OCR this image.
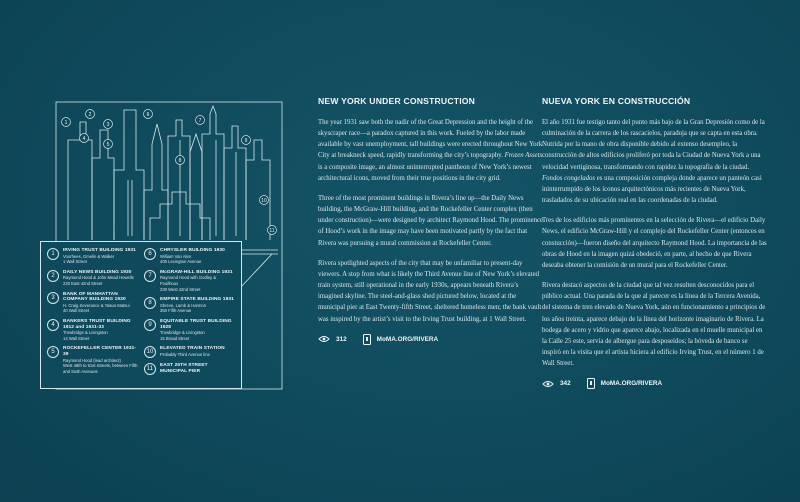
1
2
3
4
5
6
7
8
9
10
11
1
IRVING TRUST BUILDING 1931
Voorhees, Gmelin & Walker
1 Wall Street
2
DAILY NEWS BUILDING 1930
Raymond Hood & John Mead Howells
220 East 42nd Street
3
BANK OF MANHATTAN COMPANY BUILDING 1930
H. Craig Severance & Yasuo Matsui
40 Wall Street
4
BANKERS TRUST BUILDING 1912 and 1931-33
Trowbridge & Livingston
14 Wall Street
5
ROCKEFELLER CENTER 1931-39
Raymond Hood (lead architect)
West 48th to 51st Streets, between Fifth and Sixth Avenues
6
CHRYSLER BUILDING 1930
William Van Alen
405 Lexington Avenue
7
McGRAW-HILL BUILDING 1931
Raymond Hood with Godley & Fouilhoux
330 West 42nd Street
8
EMPIRE STATE BUILDING 1931
Shreve, Lamb & Harmon
350 Fifth Avenue
9
EQUITABLE TRUST BUILDING 1928
Trowbridge & Livingston
15 Broad Street
10
ELEVATED TRAIN STATION
Probably Third Avenue line
11
EAST 25TH STREET MUNICIPAL PIER
NEW YORK UNDER CONSTRUCTION

The year 1931 saw both the nadir of the Great Depression and the height of the skyscraper race—a paradox captured in this work. Fueled by the labor made available by vast unemployment, tall buildings were erected throughout New York City at breakneck speed, rapidly transforming the city’s topography. Frozen Assets is a composite image, an almost uninterrupted pantheon of New York’s newest architectural icons, moved from their true positions in the city grid.

Three of the most prominent buildings in Rivera’s line up—the Daily News building, the McGraw-Hill building, and the Rockefeller Center complex (then under construction)—were designed by architect Raymond Hood. The prominence of Hood’s work in the image may have been motivated partly by the fact that Rivera was pursuing a mural commission at Rockefeller Center.

Rivera spotlighted aspects of the city that may be unfamiliar to present-day viewers. A stop from what is likely the Third Avenue line of New York’s elevated train system, still operational in the early 1930s, appears beneath Rivera’s imagined skyline. The steel-and-glass shed pictured below, located at the municipal pier at East Twenty-fifth Street, sheltered homeless men; the bank vault was inspired by the artist’s visit to the Irving Trust building, at 1 Wall Street.

312	MoMA.ORG/RIVERA
NUEVA YORK EN CONSTRUCCIÓN

El año 1931 fue testigo tanto del punto más bajo de la Gran Depresión como de la culminación de la carrera de los rascacielos, paradoja que se capta en esta obra. Nutrida por la mano de obra disponible debido al extenso desempleo, la construcción de altos edificios proliferó por toda la Ciudad de Nueva York a una velocidad vertiginosa, transformando con rapidez la topografía de la ciudad. Fondos congelados es una composición compleja donde aparece un panteón casi ininterrumpido de los íconos arquitectónicos más recientes de Nueva York, trasladados de su ubicación real en las coordenadas de la ciudad.

Tres de los edificios más prominentes en la selección de Rivera—el edificio Daily News, el edificio McGraw-Hill y el complejo del Rockefeller Center (entonces en constucción)—fueron diseño del arquitecto Raymond Hood. La importancia de las obras de Hood en la imagen quizá obedeció, en parte, al hecho de que Rivera deseaba obtener la comisión de un mural para el Rockefeller Center.

Rivera destacó aspectos de la ciudad que tal vez resulten desconocidos para el público actual. Una parada de la que al parecer es la línea de la Tercera Avenida, del sistema de tren elevado de Nueva York, aún en funcionamiento a principios de los años treinta, aparece debajo de la línea del horizonte imaginario de Rivera. La bodega de acero y vidrio que aparece abajo, localizada en el muelle municipal en la Calle 25 este, servía de albergue para desposeídos; la bóveda de banco se inspiró en la visita que el artista hiciera al edificio Irving Trust, en el número 1 de Wall Street.

342	MoMA.ORG/RIVERA
